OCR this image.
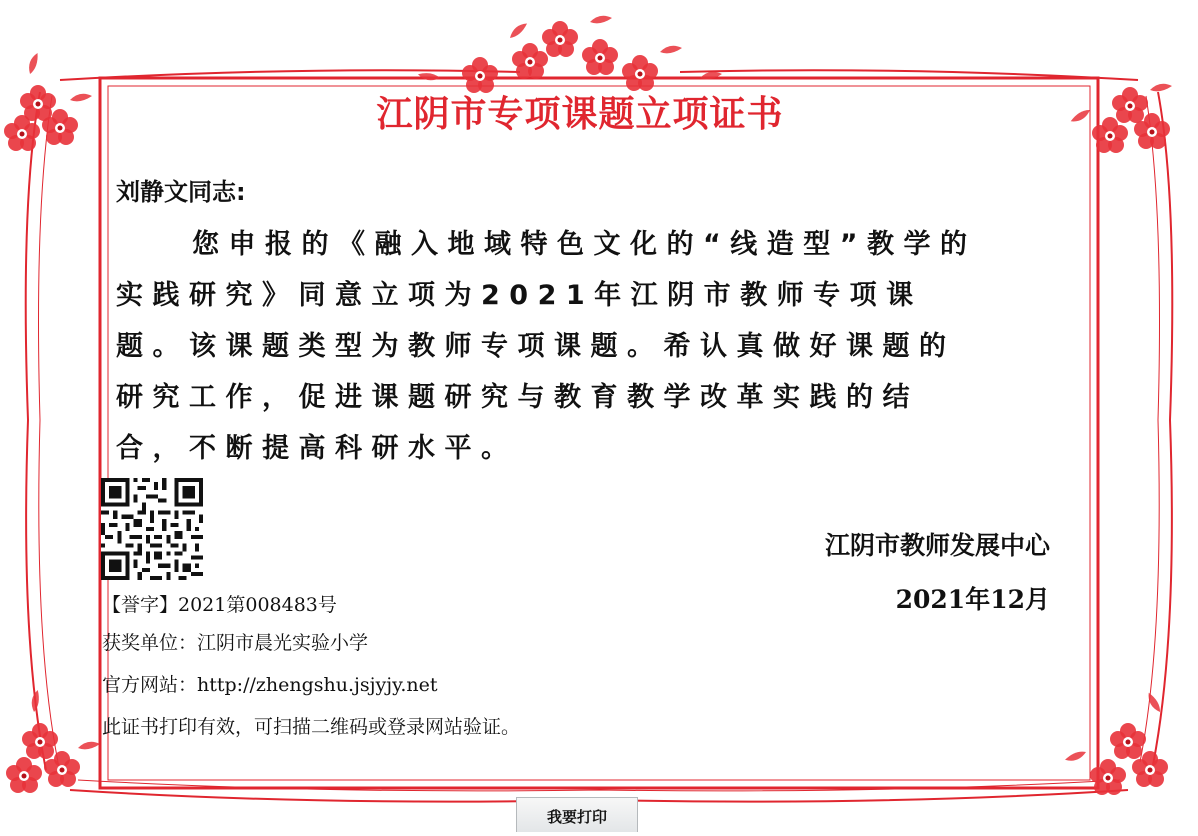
江阴市专项课题立项证书
刘静文同志:
您申报的《融入地域特色文化的“线造型”教学的
实践研究》同意立项为2021年江阴市教师专项课
题。该课题类型为教师专项课题。希认真做好课题的
研究工作，促进课题研究与教育教学改革实践的结
合，不断提高科研水平。
江阴市教师发展中心
2021年12月
【誉字】2021第008483号
获奖单位：江阴市晨光实验小学
官方网站：http://zhengshu.jsjyjy.net
此证书打印有效，可扫描二维码或登录网站验证。
我要打印
